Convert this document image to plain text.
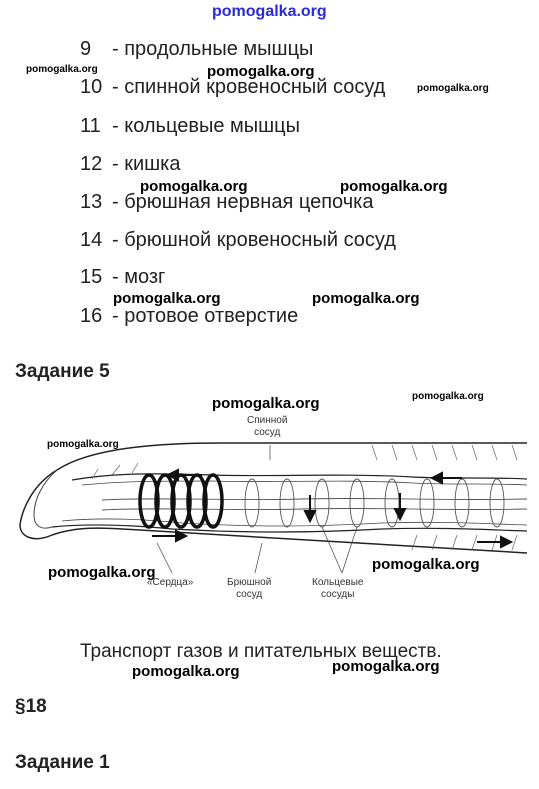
pomogalka.org
pomogalka.org	pomogalka.org
pomogalka.org
pomogalka.org	pomogalka.org
pomogalka.org	pomogalka.org
pomogalka.org	pomogalka.org
pomogalka.org
pomogalka.org	pomogalka.org
pomogalka.org	pomogalka.org
9	- продольные мышцы
10 - спинной кровеносный сосуд
11 - кольцевые мышцы
12 - кишка
13 - брюшная нервная цепочка
14 - брюшной кровеносный сосуд
15 - мозг
16 - ротовое отверстие
Задание 5
Спинной
сосуд
«Сердца»	Брюшной
сосуд
Кольцевые
сосуды
Транспорт газов и питательных веществ.
§18
Задание 1
